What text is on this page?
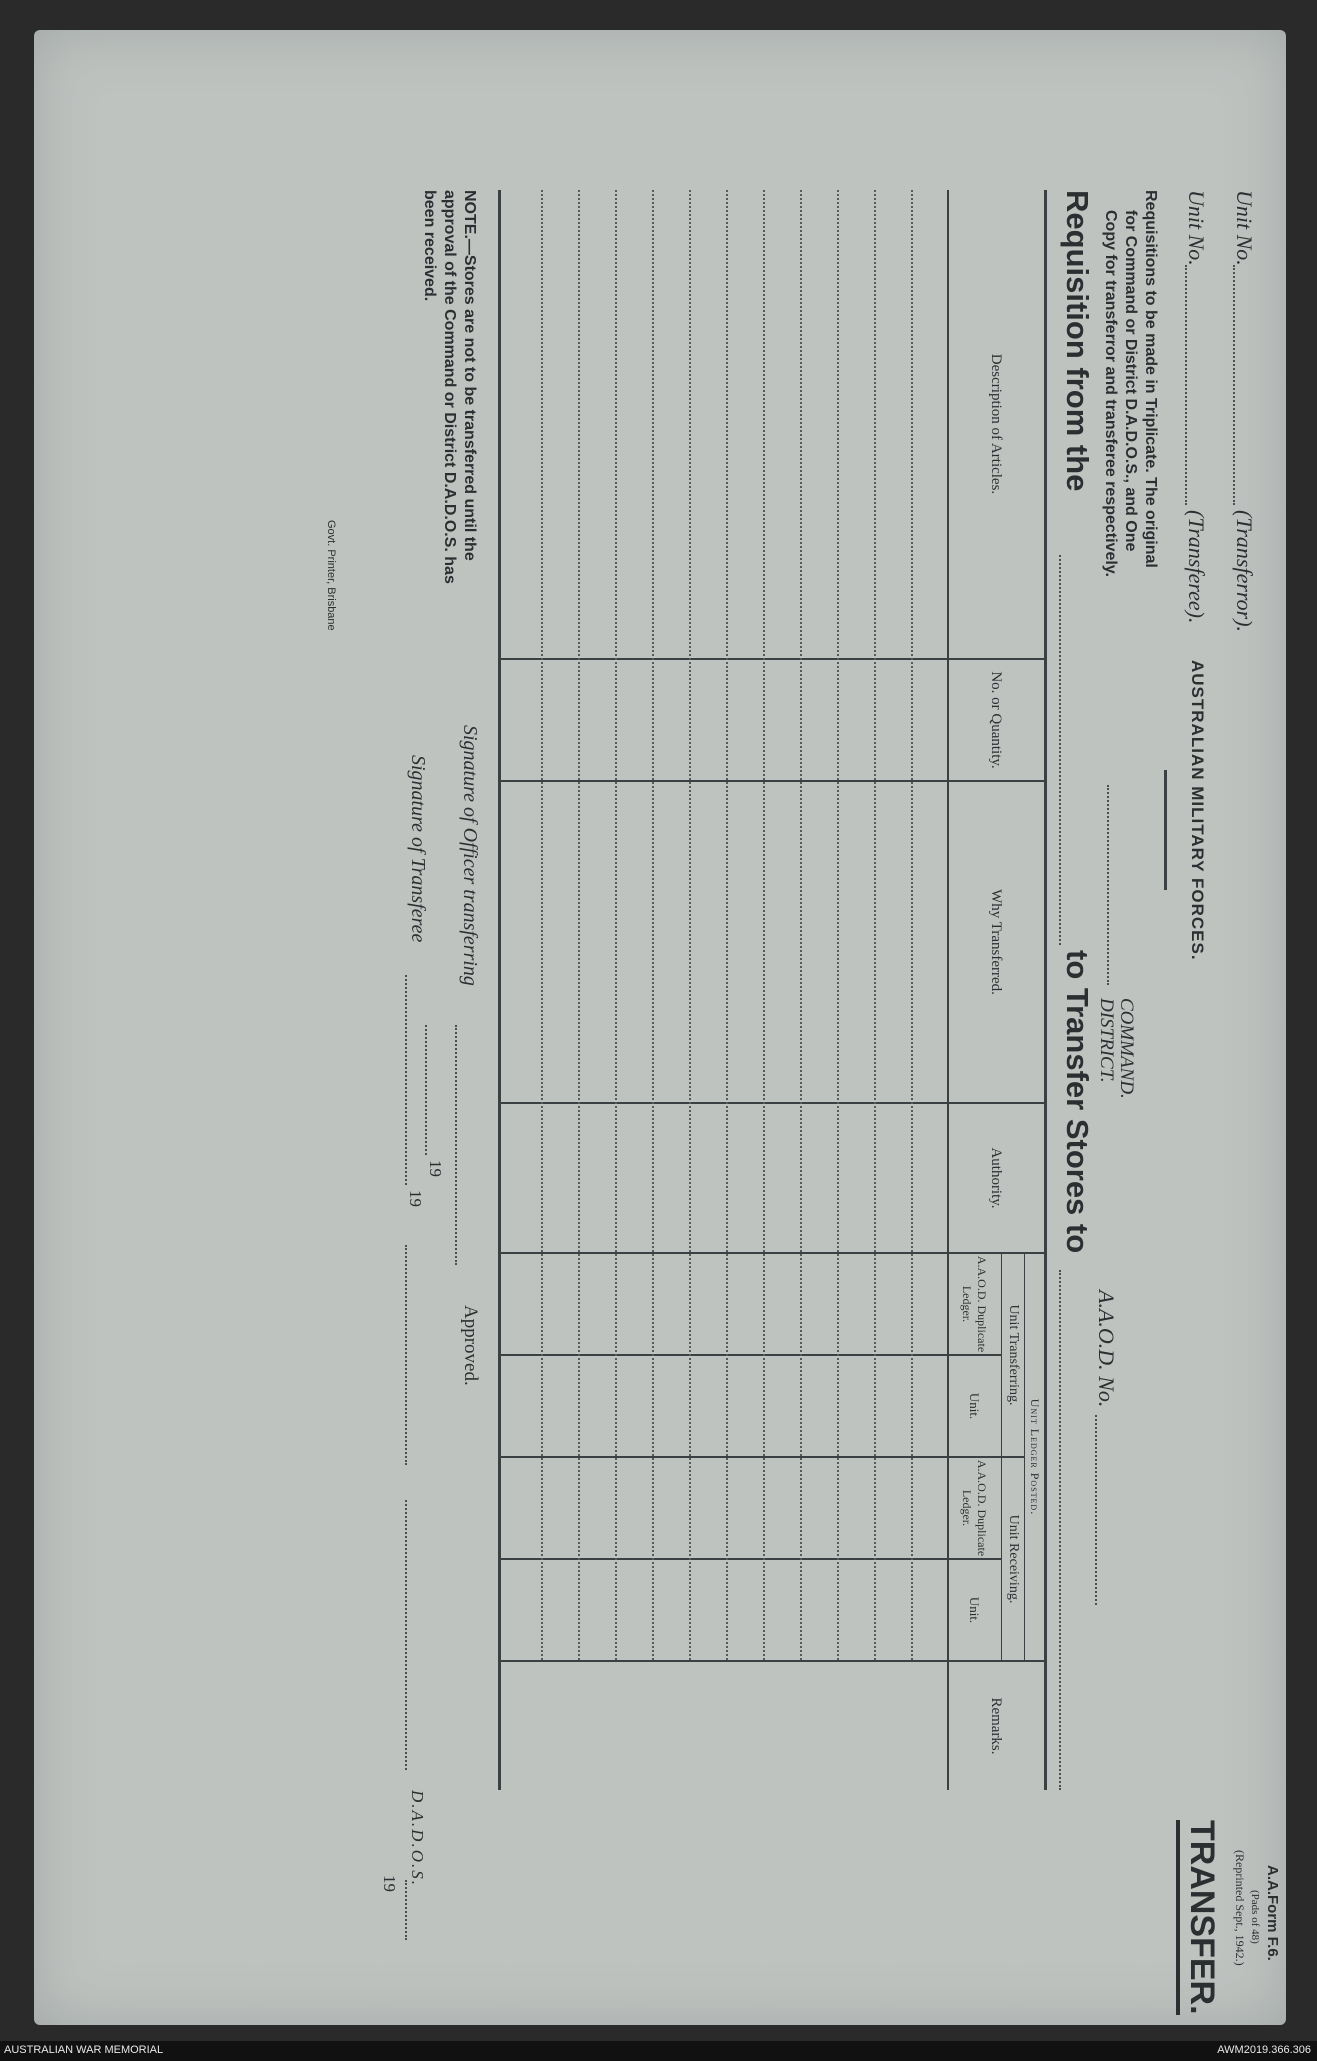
A.A.Form F.6.
(Pads of 48)
(Reprinted Sept., 1942.)
TRANSFER.
AUSTRALIAN MILITARY FORCES.
COMMAND.
DISTRICT.
A.A.O.D. No.
Unit No.
(Transferror).
Unit No.
(Transferee).
Requisitions to be made in Triplicate. The original
for Command or District D.A.D.O.S., and One
Copy for transferror and transferee respectively.
Requisition from the
to Transfer Stores to
Description of Articles.
No. or Quantity.
Why Transferred.
Authority.
Unit Ledger Posted.
Unit Transferring.
Unit Receiving.
A.A.O.D. Duplicate Ledger.
Unit.
A.A.O.D. Duplicate Ledger.
Unit.
Remarks.
NOTE.—Stores are not to be transferred until the approval of the Command or District D.A.D.O.S. has been received.
Signature of Officer transferring
19
Approved.
Signature of Transferee
19
D.A.D.O.S.
19
Govt. Printer, Brisbane
AUSTRALIAN WAR MEMORIAL	AWM2019.366.306
